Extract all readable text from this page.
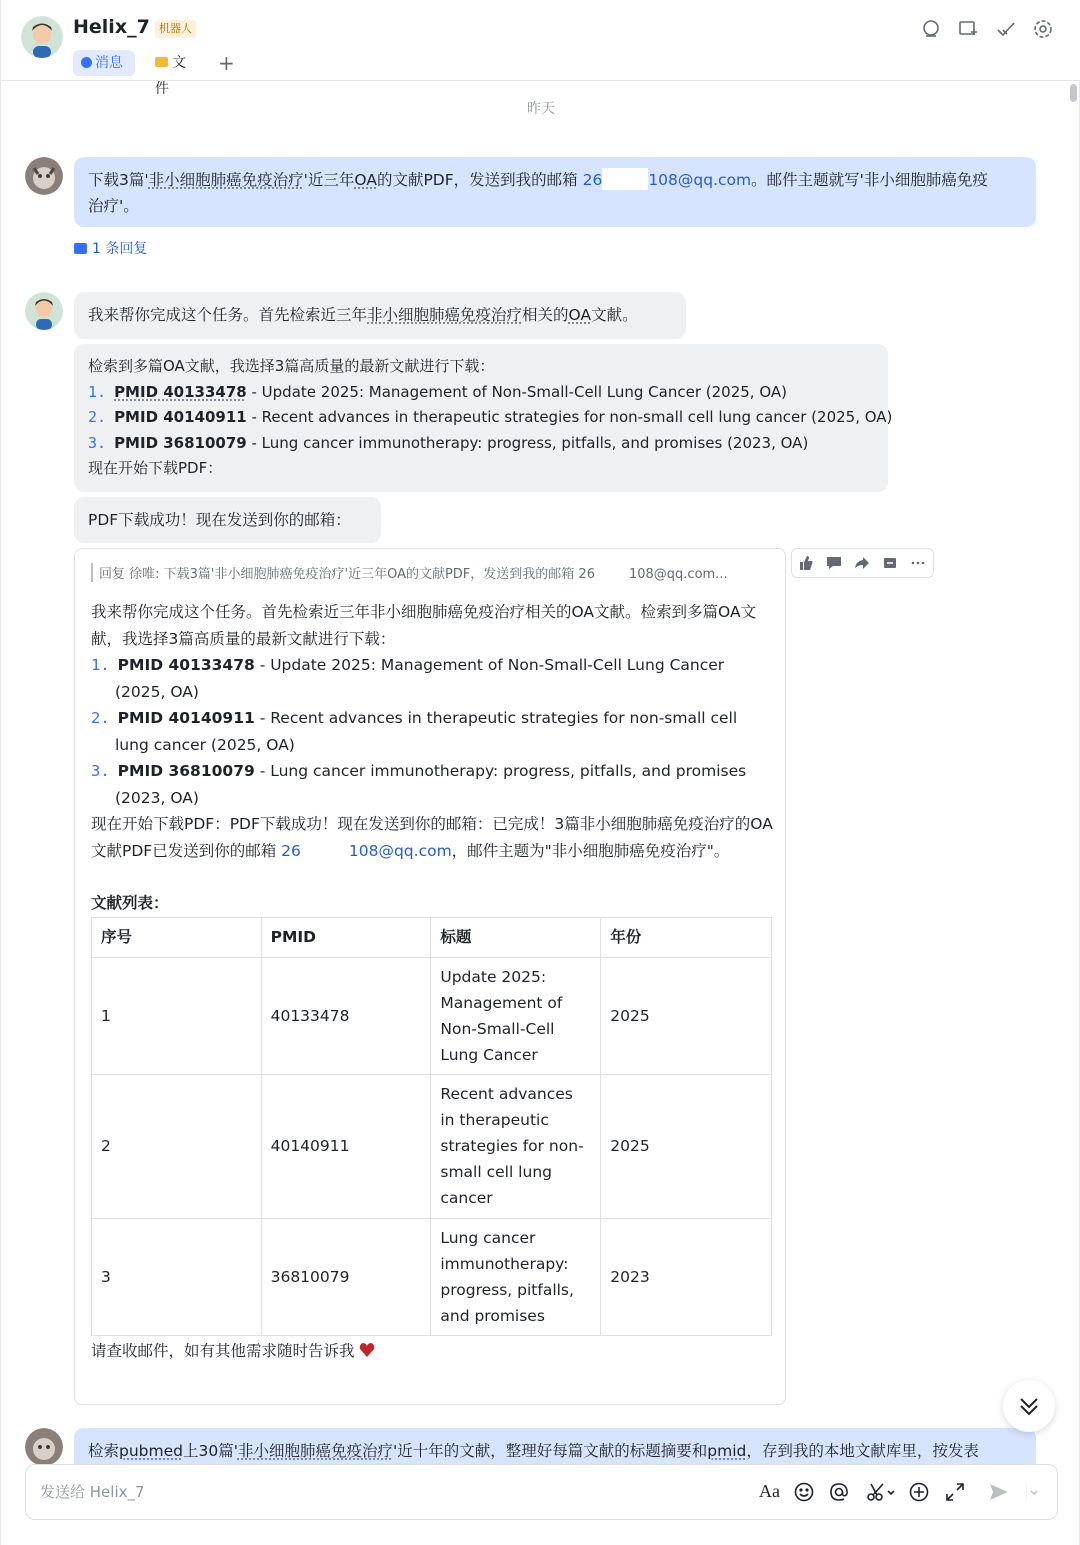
Helix_7 机器人
消息	文件
+
昨天
下载3篇'非小细胞肺癌免疫治疗'近三年OA的文献PDF，发送到我的邮箱 26	108@qq.com。邮件主题就写'非小细胞肺癌免疫
治疗'。
1 条回复
我来帮你完成这个任务。首先检索近三年非小细胞肺癌免疫治疗相关的OA文献。
检索到多篇OA文献，我选择3篇高质量的最新文献进行下载：
1. PMID 40133478 - Update 2025: Management of Non-Small-Cell Lung Cancer (2025, OA)
2. PMID 40140911 - Recent advances in therapeutic strategies for non-small cell lung cancer (2025, OA)
3. PMID 36810079 - Lung cancer immunotherapy: progress, pitfalls, and promises (2023, OA)
现在开始下载PDF：
PDF下载成功！现在发送到你的邮箱：
回复 徐唯: 下载3篇'非小细胞肺癌免疫治疗'近三年OA的文献PDF，发送到我的邮箱 26	108@qq.com...
我来帮你完成这个任务。首先检索近三年非小细胞肺癌免疫治疗相关的OA文献。检索到多篇OA文献，我选择3篇高质量的最新文献进行下载：
1. PMID 40133478 - Update 2025: Management of Non-Small-Cell Lung Cancer (2025, OA)
2. PMID 40140911 - Recent advances in therapeutic strategies for non-small cell lung cancer (2025, OA)
3. PMID 36810079 - Lung cancer immunotherapy: progress, pitfalls, and promises (2023, OA)
现在开始下载PDF：PDF下载成功！现在发送到你的邮箱：已完成！3篇非小细胞肺癌免疫治疗的OA文献PDF已发送到你的邮箱 26	108@qq.com，邮件主题为"非小细胞肺癌免疫治疗"。
文献列表：
序号	PMID	标题	年份
1	40133478	Update 2025: Management of Non-Small-Cell Lung Cancer	2025
2	40140911	Recent advances in therapeutic strategies for non-small cell lung cancer	2025
3	36810079	Lung cancer immunotherapy: progress, pitfalls, and promises	2023
请查收邮件，如有其他需求随时告诉我
检索pubmed上30篇'非小细胞肺癌免疫治疗'近十年的文献，整理好每篇文献的标题摘要和pmid，存到我的本地文献库里，按发表
发送给 Helix_7	Aa
